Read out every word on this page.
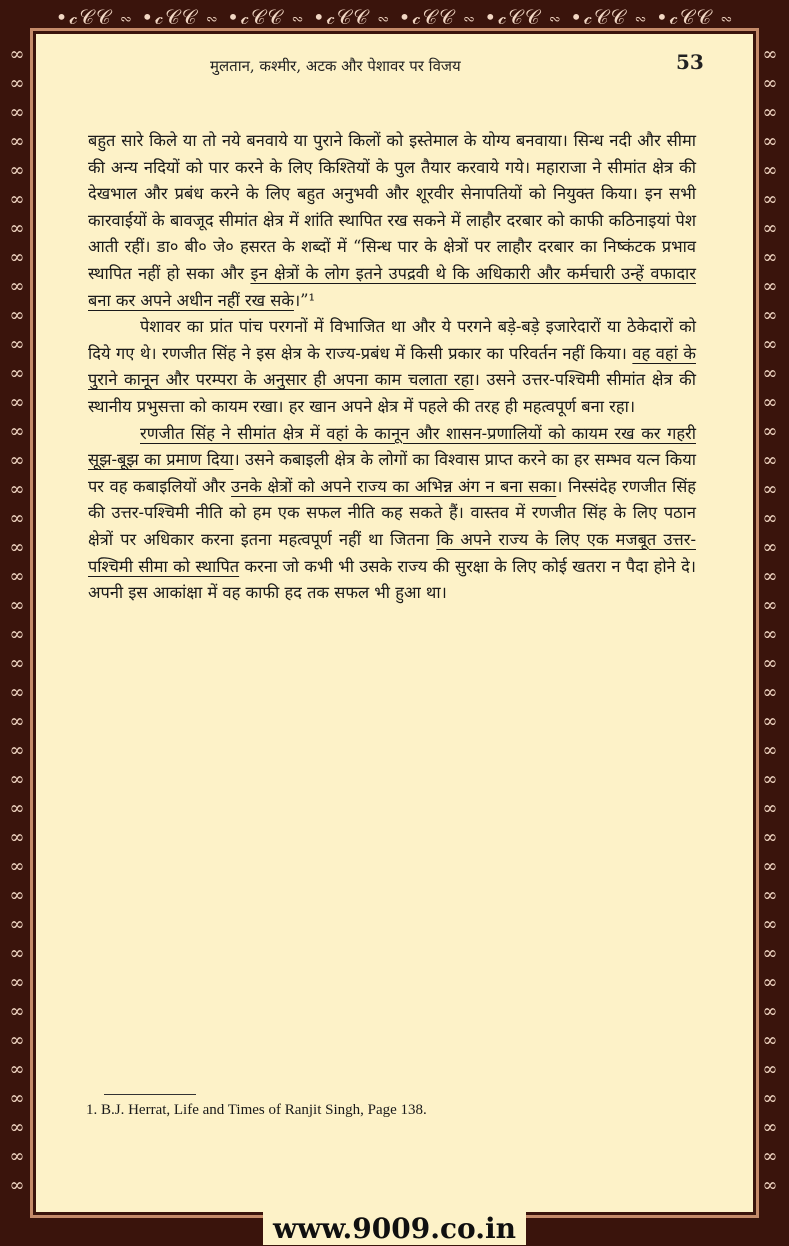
•𝒸𝒞𝒞 ∾ •𝒸𝒞𝒞 ∾ •𝒸𝒞𝒞 ∾ •𝒸𝒞𝒞 ∾ •𝒸𝒞𝒞 ∾ •𝒸𝒞𝒞 ∾ •𝒸𝒞𝒞 ∾ •𝒸𝒞𝒞 ∾
∞
∞
∞
∞
∞
∞
∞
∞
∞
∞
∞
∞
∞
∞
∞
∞
∞
∞
∞
∞
∞
∞
∞
∞
∞
∞
∞
∞
∞
∞
∞
∞
∞
∞
∞
∞
∞
∞
∞
∞
∞
∞
∞
∞
∞
∞
∞
∞
∞
∞
∞
∞
∞
∞
∞
∞
∞
∞
∞
∞
∞
∞
∞
∞
∞
∞
∞
∞
∞
∞
∞
∞
∞
∞
∞
∞
∞
∞
∞
∞
मुलतान, कश्मीर, अटक और पेशावर पर विजय	53

बहुत सारे किले या तो नये बनवाये या पुराने किलों को इस्तेमाल के योग्य बनवाया। सिन्ध नदी और सीमा की अन्य नदियों को पार करने के लिए किश्तियों के पुल तैयार करवाये गये। महाराजा ने सीमांत क्षेत्र की देखभाल और प्रबंध करने के लिए बहुत अनुभवी और शूरवीर सेनापतियों को नियुक्त किया। इन सभी कारवाईयों के बावजूद सीमांत क्षेत्र में शांति स्थापित रख सकने में लाहौर दरबार को काफी कठिनाइयां पेश आती रहीं। डा० बी० जे० हसरत के शब्दों में “सिन्ध पार के क्षेत्रों पर लाहौर दरबार का निष्कंटक प्रभाव स्थापित नहीं हो सका और इन क्षेत्रों के लोग इतने उपद्रवी थे कि अधिकारी और कर्मचारी उन्हें वफादार बना कर अपने अधीन नहीं रख सके।”¹

पेशावर का प्रांत पांच परगनों में विभाजित था और ये परगने बड़े-बड़े इजारेदारों या ठेकेदारों को दिये गए थे। रणजीत सिंह ने इस क्षेत्र के राज्य-प्रबंध में किसी प्रकार का परिवर्तन नहीं किया। वह वहां के पुराने कानून और परम्परा के अनुसार ही अपना काम चलाता रहा। उसने उत्तर-पश्चिमी सीमांत क्षेत्र की स्थानीय प्रभुसत्ता को कायम रखा। हर खान अपने क्षेत्र में पहले की तरह ही महत्वपूर्ण बना रहा।

रणजीत सिंह ने सीमांत क्षेत्र में वहां के कानून और शासन-प्रणालियों को कायम रख कर गहरी सूझ-बूझ का प्रमाण दिया। उसने कबाइली क्षेत्र के लोगों का विश्वास प्राप्त करने का हर सम्भव यत्न किया पर वह कबाइलियों और उनके क्षेत्रों को अपने राज्य का अभिन्न अंग न बना सका। निस्संदेह रणजीत सिंह की उत्तर-पश्चिमी नीति को हम एक सफल नीति कह सकते हैं। वास्तव में रणजीत सिंह के लिए पठान क्षेत्रों पर अधिकार करना इतना महत्वपूर्ण नहीं था जितना कि अपने राज्य के लिए एक मजबूत उत्तर-पश्चिमी सीमा को स्थापित करना जो कभी भी उसके राज्य की सुरक्षा के लिए कोई खतरा न पैदा होने दे। अपनी इस आकांक्षा में वह काफी हद तक सफल भी हुआ था।

1. B.J. Herrat, Life and Times of Ranjit Singh, Page 138.
www.9009.co.in
